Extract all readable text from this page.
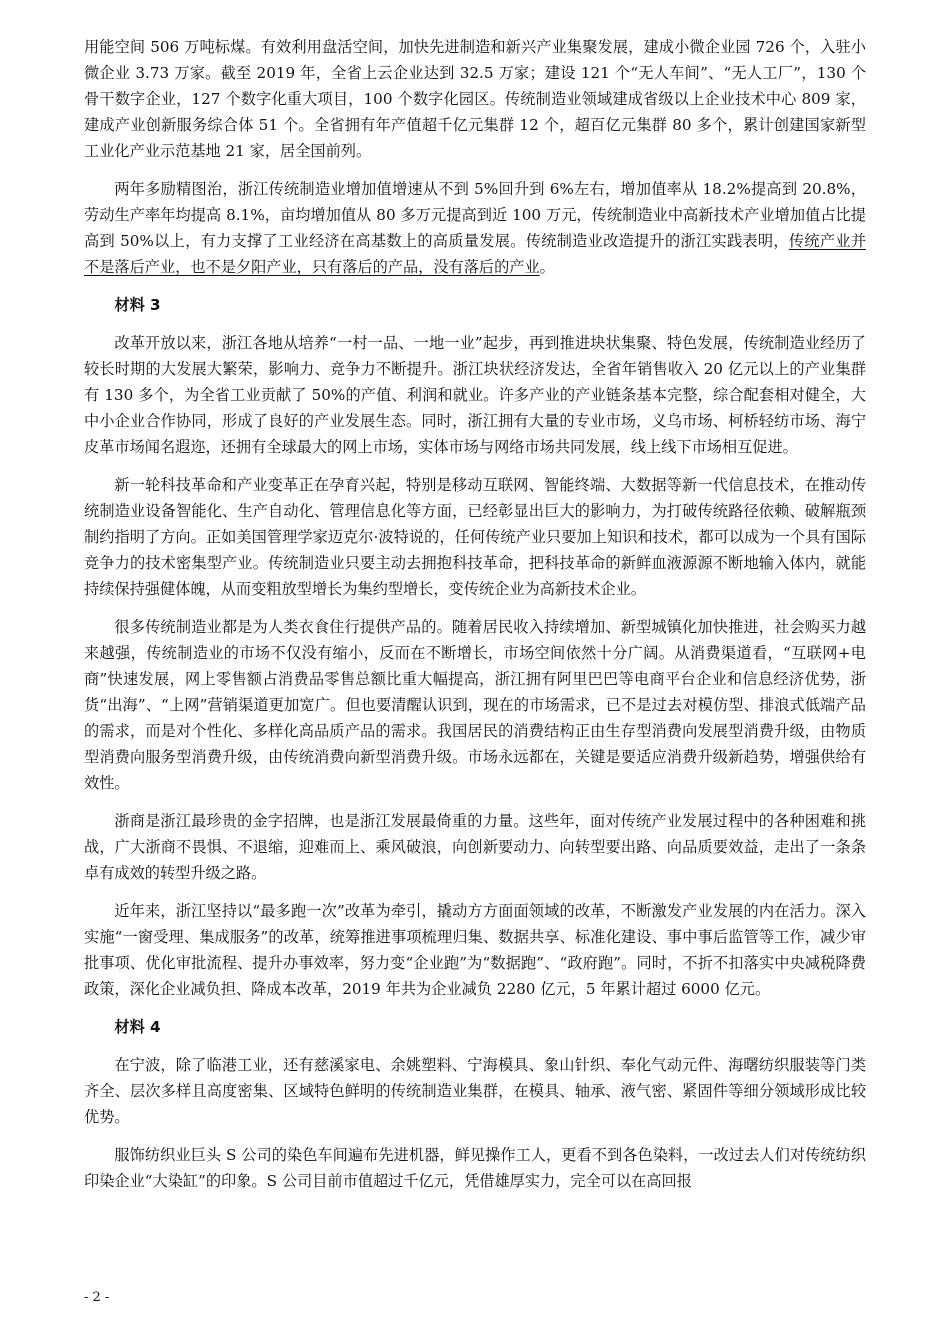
用能空间 506 万吨标煤。有效利用盘活空间，加快先进制造和新兴产业集聚发展，建成小微企业园 726 个，入驻小微企业 3.73 万家。截至 2019 年，全省上云企业达到 32.5 万家；建设 121 个“无人车间”、“无人工厂”，130 个骨干数字企业，127 个数字化重大项目，100 个数字化园区。传统制造业领域建成省级以上企业技术中心 809 家，建成产业创新服务综合体 51 个。全省拥有年产值超千亿元集群 12 个，超百亿元集群 80 多个，累计创建国家新型工业化产业示范基地 21 家，居全国前列。

两年多励精图治，浙江传统制造业增加值增速从不到 5%回升到 6%左右，增加值率从 18.2%提高到 20.8%，劳动生产率年均提高 8.1%，亩均增加值从 80 多万元提高到近 100 万元，传统制造业中高新技术产业增加值占比提高到 50%以上，有力支撑了工业经济在高基数上的高质量发展。传统制造业改造提升的浙江实践表明，传统产业并不是落后产业，也不是夕阳产业，只有落后的产品，没有落后的产业。

材料 3

改革开放以来，浙江各地从培养“一村一品、一地一业”起步，再到推进块状集聚、特色发展，传统制造业经历了较长时期的大发展大繁荣，影响力、竞争力不断提升。浙江块状经济发达，全省年销售收入 20 亿元以上的产业集群有 130 多个，为全省工业贡献了 50%的产值、利润和就业。许多产业的产业链条基本完整，综合配套相对健全，大中小企业合作协同，形成了良好的产业发展生态。同时，浙江拥有大量的专业市场，义乌市场、柯桥轻纺市场、海宁皮革市场闻名遐迩，还拥有全球最大的网上市场，实体市场与网络市场共同发展，线上线下市场相互促进。

新一轮科技革命和产业变革正在孕育兴起，特别是移动互联网、智能终端、大数据等新一代信息技术，在推动传统制造业设备智能化、生产自动化、管理信息化等方面，已经彰显出巨大的影响力，为打破传统路径依赖、破解瓶颈制约指明了方向。正如美国管理学家迈克尔·波特说的，任何传统产业只要加上知识和技术，都可以成为一个具有国际竞争力的技术密集型产业。传统制造业只要主动去拥抱科技革命，把科技革命的新鲜血液源源不断地输入体内，就能持续保持强健体魄，从而变粗放型增长为集约型增长，变传统企业为高新技术企业。

很多传统制造业都是为人类衣食住行提供产品的。随着居民收入持续增加、新型城镇化加快推进，社会购买力越来越强，传统制造业的市场不仅没有缩小，反而在不断增长，市场空间依然十分广阔。从消费渠道看，“互联网+电商”快速发展，网上零售额占消费品零售总额比重大幅提高，浙江拥有阿里巴巴等电商平台企业和信息经济优势，浙货“出海”、“上网”营销渠道更加宽广。但也要清醒认识到，现在的市场需求，已不是过去对模仿型、排浪式低端产品的需求，而是对个性化、多样化高品质产品的需求。我国居民的消费结构正由生存型消费向发展型消费升级，由物质型消费向服务型消费升级，由传统消费向新型消费升级。市场永远都在，关键是要适应消费升级新趋势，增强供给有效性。

浙商是浙江最珍贵的金字招牌，也是浙江发展最倚重的力量。这些年，面对传统产业发展过程中的各种困难和挑战，广大浙商不畏惧、不退缩，迎难而上、乘风破浪，向创新要动力、向转型要出路、向品质要效益，走出了一条条卓有成效的转型升级之路。

近年来，浙江坚持以“最多跑一次”改革为牵引，撬动方方面面领域的改革，不断激发产业发展的内在活力。深入实施“一窗受理、集成服务”的改革，统筹推进事项梳理归集、数据共享、标准化建设、事中事后监管等工作，减少审批事项、优化审批流程、提升办事效率，努力变“企业跑”为“数据跑”、“政府跑”。同时，不折不扣落实中央减税降费政策，深化企业减负担、降成本改革，2019 年共为企业减负 2280 亿元，5 年累计超过 6000 亿元。

材料 4

在宁波，除了临港工业，还有慈溪家电、余姚塑料、宁海模具、象山针织、奉化气动元件、海曙纺织服装等门类齐全、层次多样且高度密集、区域特色鲜明的传统制造业集群，在模具、轴承、液气密、紧固件等细分领域形成比较优势。

服饰纺织业巨头 S 公司的染色车间遍布先进机器，鲜见操作工人，更看不到各色染料，一改过去人们对传统纺织印染企业“大染缸”的印象。S 公司目前市值超过千亿元，凭借雄厚实力，完全可以在高回报

- 2 -
